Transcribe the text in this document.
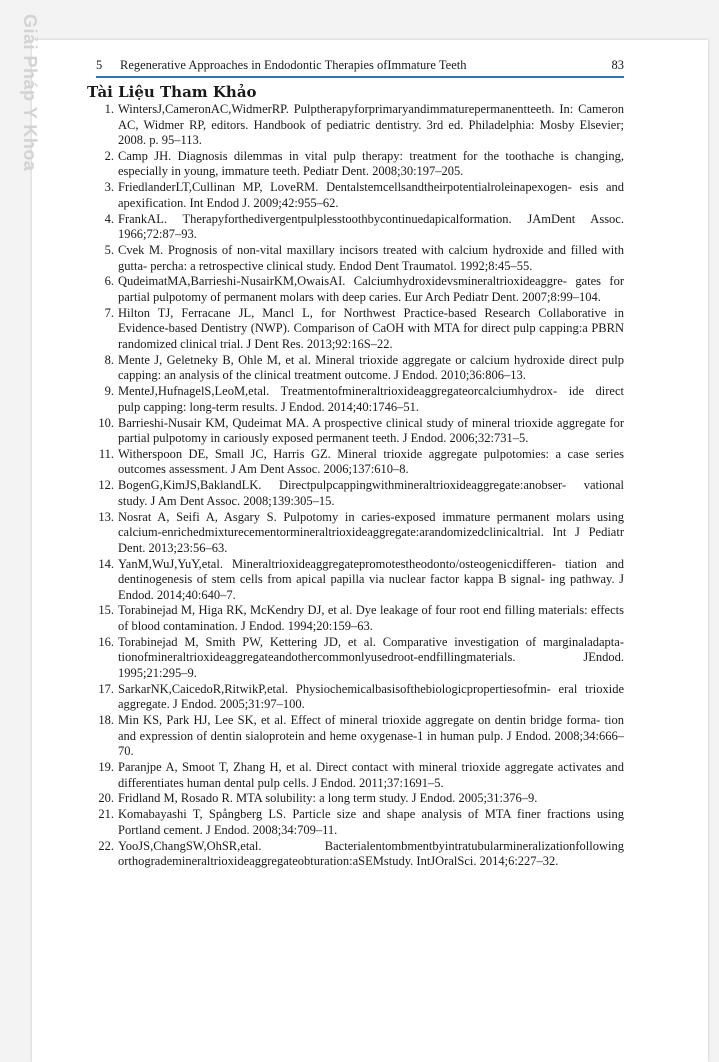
Giải Pháp Y Khoa	5 Regenerative Approaches in Endodontic Therapies ofImmature Teeth	83
Tài Liệu Tham Khảo
1. WintersJ,CameronAC,WidmerRP. Pulptherapyforprimaryandimmaturepermanentteeth. In: Cameron AC, Widmer RP, editors. Handbook of pediatric dentistry. 3rd ed. Philadelphia: Mosby Elsevier; 2008. p. 95–113.
2. Camp JH. Diagnosis dilemmas in vital pulp therapy: treatment for the toothache is changing, especially in young, immature teeth. Pediatr Dent. 2008;30:197–205.
3. FriedlanderLT,Cullinan MP, LoveRM. Dentalstemcellsandtheirpotentialroleinapexogen- esis and apexification. Int Endod J. 2009;42:955–62.
4. FrankAL. Therapyforthedivergentpulplesstoothbycontinuedapicalformation. JAmDent Assoc. 1966;72:87–93.
5. Cvek M. Prognosis of non-vital maxillary incisors treated with calcium hydroxide and filled with gutta- percha: a retrospective clinical study. Endod Dent Traumatol. 1992;8:45–55.
6. QudeimatMA,Barrieshi-NusairKM,OwaisAI. Calciumhydroxidevsmineraltrioxideaggre- gates for partial pulpotomy of permanent molars with deep caries. Eur Arch Pediatr Dent. 2007;8:99–104.
7. Hilton TJ, Ferracane JL, Mancl L, for Northwest Practice-based Research Collaborative in Evidence-based Dentistry (NWP). Comparison of CaOH with MTA for direct pulp capping:a PBRN randomized clinical trial. J Dent Res. 2013;92:16S–22.
8. Mente J, Geletneky B, Ohle M, et al. Mineral trioxide aggregate or calcium hydroxide direct pulp capping: an analysis of the clinical treatment outcome. J Endod. 2010;36:806–13.
9. MenteJ,HufnagelS,LeoM,etal. Treatmentofmineraltrioxideaggregateorcalciumhydrox- ide direct pulp capping: long-term results. J Endod. 2014;40:1746–51.
10. Barrieshi-Nusair KM, Qudeimat MA. A prospective clinical study of mineral trioxide aggregate for partial pulpotomy in cariously exposed permanent teeth. J Endod. 2006;32:731–5.
11. Witherspoon DE, Small JC, Harris GZ. Mineral trioxide aggregate pulpotomies: a case series outcomes assessment. J Am Dent Assoc. 2006;137:610–8.
12. BogenG,KimJS,BaklandLK. Directpulpcappingwithmineraltrioxideaggregate:anobser- vational study. J Am Dent Assoc. 2008;139:305–15.
13. Nosrat A, Seifi A, Asgary S. Pulpotomy in caries-exposed immature permanent molars using calcium-enrichedmixturecementormineraltrioxideaggregate:arandomizedclinicaltrial. Int J Pediatr Dent. 2013;23:56–63.
14. YanM,WuJ,YuY,etal. Mineraltrioxideaggregatepromotestheodonto/osteogenicdifferen- tiation and dentinogenesis of stem cells from apical papilla via nuclear factor kappa B signal- ing pathway. J Endod. 2014;40:640–7.
15. Torabinejad M, Higa RK, McKendry DJ, et al. Dye leakage of four root end filling materials: effects of blood contamination. J Endod. 1994;20:159–63.
16. Torabinejad M, Smith PW, Kettering JD, et al. Comparative investigation of marginaladapta- tionofmineraltrioxideaggregateandothercommonlyusedroot-endfillingmaterials. JEndod. 1995;21:295–9.
17. SarkarNK,CaicedoR,RitwikP,etal. Physiochemicalbasisofthebiologicpropertiesofmin- eral trioxide aggregate. J Endod. 2005;31:97–100.
18. Min KS, Park HJ, Lee SK, et al. Effect of mineral trioxide aggregate on dentin bridge forma- tion and expression of dentin sialoprotein and heme oxygenase-1 in human pulp. J Endod. 2008;34:666–70.
19. Paranjpe A, Smoot T, Zhang H, et al. Direct contact with mineral trioxide aggregate activates and differentiates human dental pulp cells. J Endod. 2011;37:1691–5.
20. Fridland M, Rosado R. MTA solubility: a long term study. J Endod. 2005;31:376–9.
21. Komabayashi T, Spångberg LS. Particle size and shape analysis of MTA finer fractions using Portland cement. J Endod. 2008;34:709–11.
22. YooJS,ChangSW,OhSR,etal. Bacterialentombmentbyintratubularmineralizationfollowing orthogrademineraltrioxideaggregateobturation:aSEMstudy. IntJOralSci. 2014;6:227–32.
